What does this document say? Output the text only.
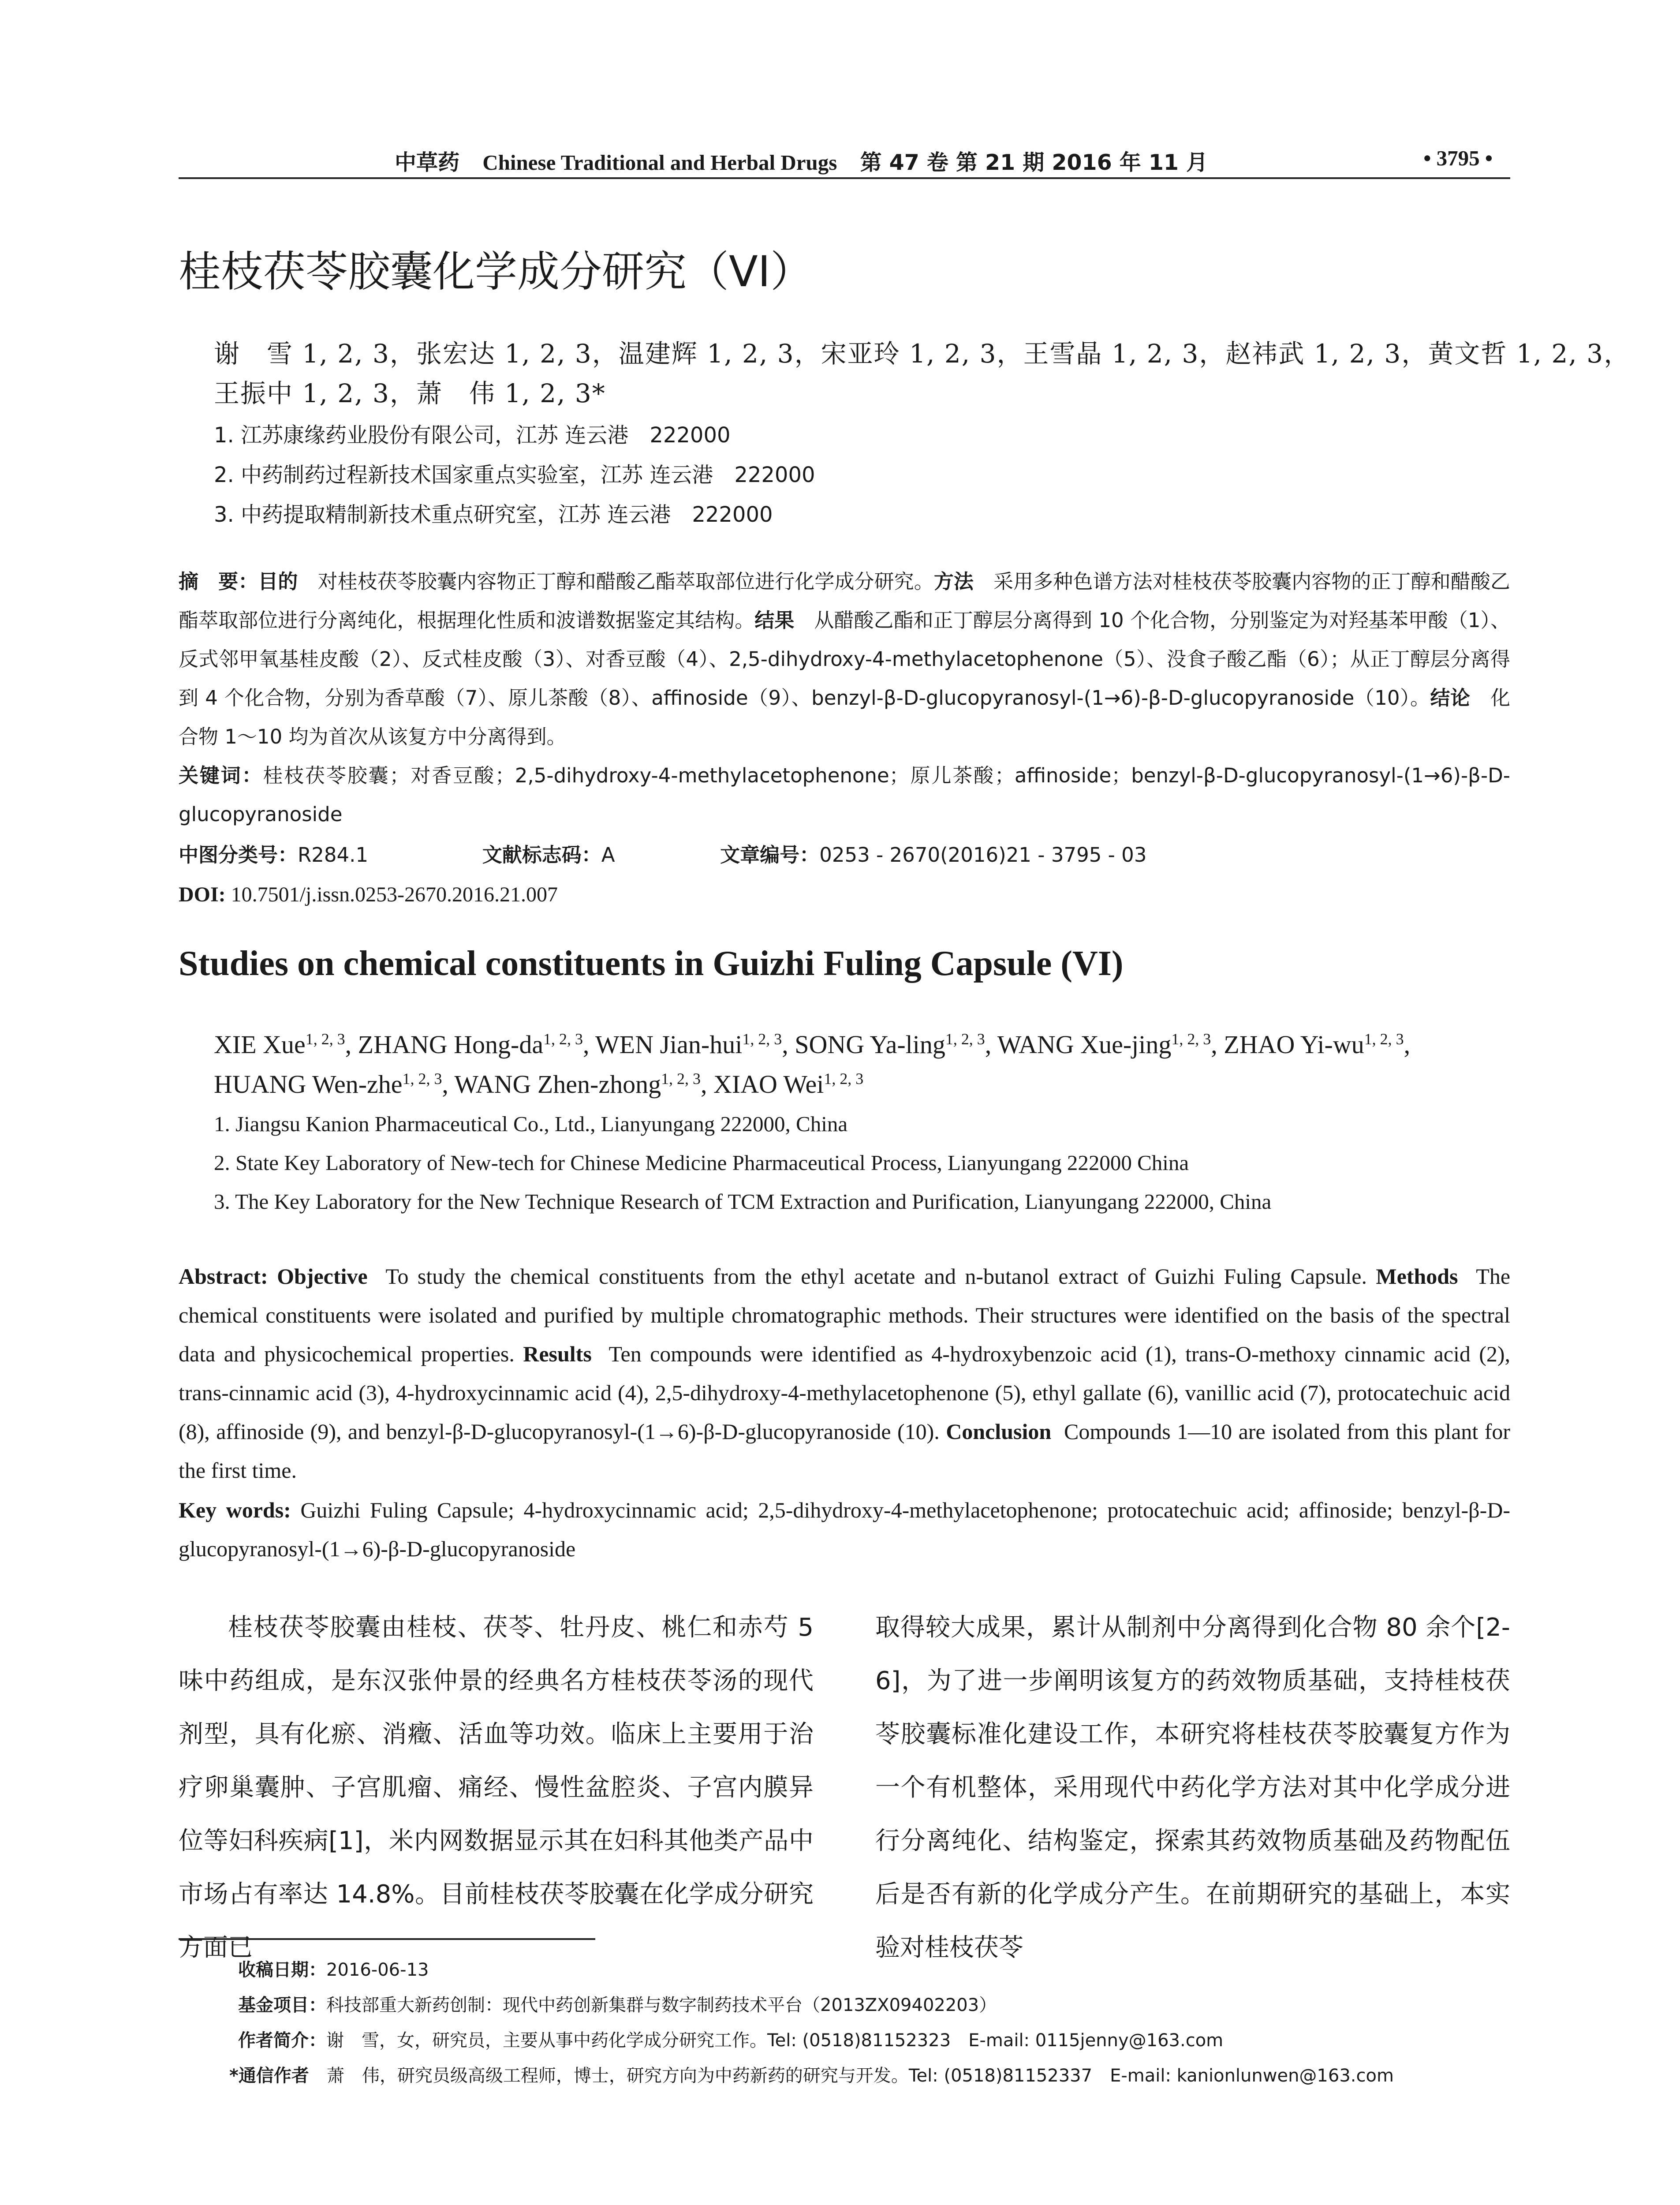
中草药 Chinese Traditional and Herbal Drugs 第 47 卷 第 21 期 2016 年 11 月	• 3795 •
桂枝茯苓胶囊化学成分研究（VI）
谢　雪 1, 2, 3，张宏达 1, 2, 3，温建辉 1, 2, 3，宋亚玲 1, 2, 3，王雪晶 1, 2, 3，赵祎武 1, 2, 3，黄文哲 1, 2, 3，
王振中 1, 2, 3，萧　伟 1, 2, 3*
1. 江苏康缘药业股份有限公司，江苏 连云港　222000
2. 中药制药过程新技术国家重点实验室，江苏 连云港　222000
3. 中药提取精制新技术重点研究室，江苏 连云港　222000
摘　要：目的　 对桂枝茯苓胶囊内容物正丁醇和醋酸乙酯萃取部位进行化学成分研究。方法　 采用多种色谱方法对桂枝茯苓胶囊内容物的正丁醇和醋酸乙酯萃取部位进行分离纯化，根据理化性质和波谱数据鉴定其结构。结果　 从醋酸乙酯和正丁醇层分离得到 10 个化合物，分别鉴定为对羟基苯甲酸（1）、反式邻甲氧基桂皮酸（2）、反式桂皮酸（3）、对香豆酸（4）、2,5-dihydroxy-4-methylacetophenone（5）、没食子酸乙酯（6）；从正丁醇层分离得到 4 个化合物，分别为香草酸（7）、原儿茶酸（8）、affinoside（9）、benzyl-β-D-glucopyranosyl-(1→6)-β-D-glucopyranoside（10）。结论　 化合物 1～10 均为首次从该复方中分离得到。
关键词：桂枝茯苓胶囊；对香豆酸；2,5-dihydroxy-4-methylacetophenone；原儿茶酸；affinoside；benzyl-β-D-glucopyranosyl-(1→6)-β-D-glucopyranoside
中图分类号：R284.1	文献标志码：A	文章编号：0253 - 2670(2016)21 - 3795 - 03
DOI: 10.7501/j.issn.0253-2670.2016.21.007
Studies on chemical constituents in Guizhi Fuling Capsule (VI)
XIE Xue$^{1, 2, 3}$, ZHANG Hong-da$^{1, 2, 3}$, WEN Jian-hui$^{1, 2, 3}$, SONG Ya-ling$^{1, 2, 3}$, WANG Xue-jing$^{1, 2, 3}$, ZHAO Yi-wu$^{1, 2, 3}$,
HUANG Wen-zhe$^{1, 2, 3}$, WANG Zhen-zhong$^{1, 2, 3}$, XIAO Wei$^{1, 2, 3}$
1. Jiangsu Kanion Pharmaceutical Co., Ltd., Lianyungang 222000, China
2. State Key Laboratory of New-tech for Chinese Medicine Pharmaceutical Process, Lianyungang 222000 China
3. The Key Laboratory for the New Technique Research of TCM Extraction and Purification, Lianyungang 222000, China
Abstract: Objective To study the chemical constituents from the ethyl acetate and n-butanol extract of Guizhi Fuling Capsule. Methods The chemical constituents were isolated and purified by multiple chromatographic methods. Their structures were identified on the basis of the spectral data and physicochemical properties. Results Ten compounds were identified as 4-hydroxybenzoic acid (1), trans-O-methoxy cinnamic acid (2), trans-cinnamic acid (3), 4-hydroxycinnamic acid (4), 2,5-dihydroxy-4-methylacetophenone (5), ethyl gallate (6), vanillic acid (7), protocatechuic acid (8), affinoside (9), and benzyl-β-D-glucopyranosyl-(1→6)-β-D-glucopyranoside (10). Conclusion Compounds 1—10 are isolated from this plant for the first time.
Key words: Guizhi Fuling Capsule; 4-hydroxycinnamic acid; 2,5-dihydroxy-4-methylacetophenone; protocatechuic acid; affinoside; benzyl-β-D-glucopyranosyl-(1→6)-β-D-glucopyranoside
桂枝茯苓胶囊由桂枝、茯苓、牡丹皮、桃仁和赤芍 5 味中药组成，是东汉张仲景的经典名方桂枝茯苓汤的现代剂型，具有化瘀、消癥、活血等功效。临床上主要用于治疗卵巢囊肿、子宫肌瘤、痛经、慢性盆腔炎、子宫内膜异位等妇科疾病[1]，米内网数据显示其在妇科其他类产品中市场占有率达 14.8%。目前桂枝茯苓胶囊在化学成分研究方面已
取得较大成果，累计从制剂中分离得到化合物 80 余个[2-6]，为了进一步阐明该复方的药效物质基础，支持桂枝茯苓胶囊标准化建设工作，本研究将桂枝茯苓胶囊复方作为一个有机整体，采用现代中药化学方法对其中化学成分进行分离纯化、结构鉴定，探索其药效物质基础及药物配伍后是否有新的化学成分产生。在前期研究的基础上，本实验对桂枝茯苓
收稿日期：2016-06-13
基金项目：科技部重大新药创制：现代中药创新集群与数字制药技术平台（2013ZX09402203）
作者简介：谢　雪，女，研究员，主要从事中药化学成分研究工作。Tel: (0518)81152323　E-mail: 0115jenny@163.com
*通信作者　 萧　伟，研究员级高级工程师，博士，研究方向为中药新药的研究与开发。Tel: (0518)81152337　E-mail: kanionlunwen@163.com
